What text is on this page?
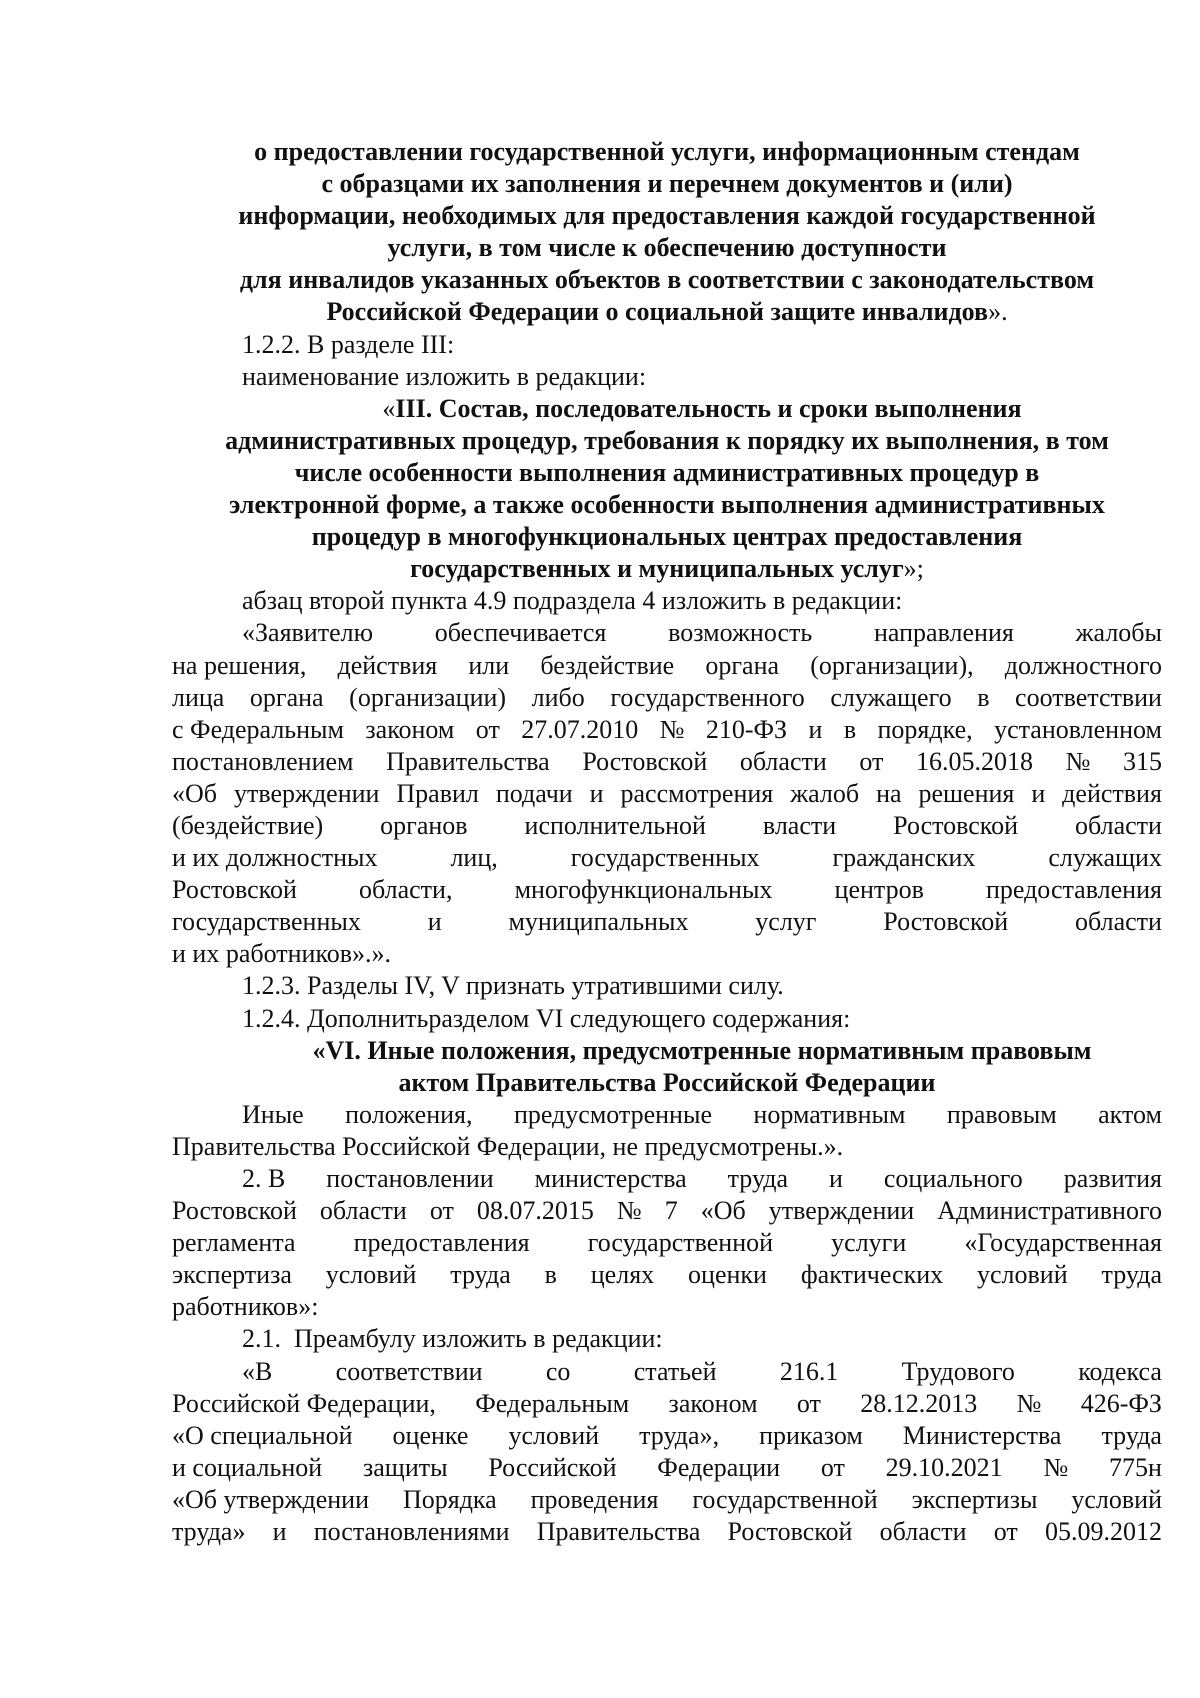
о предоставлении государственной услуги, информационным стендам
с образцами их заполнения и перечнем документов и (или)
информации, необходимых для предоставления каждой государственной
услуги, в том числе к обеспечению доступности
для инвалидов указанных объектов в соответствии с законодательством
Российской Федерации о социальной защите инвалидов».
1.2.2. В разделе III:
наименование изложить в редакции:
«III. Состав, последовательность и сроки выполнения
административных процедур, требования к порядку их выполнения, в том
числе особенности выполнения административных процедур в
электронной форме, а также особенности выполнения административных
процедур в многофункциональных центрах предоставления
государственных и муниципальных услуг»;
абзац второй пункта 4.9 подраздела 4 изложить в редакции:
«Заявителю обеспечивается возможность направления жалобы
на решения, действия или бездействие органа (организации), должностного
лица органа (организации) либо государственного служащего в соответствии
с Федеральным законом от 27.07.2010 № 210-ФЗ и в порядке, установленном
постановлением Правительства Ростовской области от 16.05.2018 № 315
«Об утверждении Правил подачи и рассмотрения жалоб на решения и действия
(бездействие) органов исполнительной власти Ростовской области
и их должностных	лиц,	государственных	гражданских	служащих
Ростовской области, многофункциональных центров предоставления
государственных	и	муниципальных	услуг	Ростовской	области
и их работников».».
1.2.3. Разделы IV, V признать утратившими силу.
1.2.4. Дополнитьразделом VI следующего содержания:
«VI. Иные положения, предусмотренные нормативным правовым
актом Правительства Российской Федерации
Иные положения, предусмотренные нормативным правовым актом
Правительства Российской Федерации, не предусмотрены.».
2. В постановлении министерства труда и социального развития
Ростовской области от 08.07.2015 № 7 «Об утверждении Административного
регламента предоставления государственной услуги «Государственная
экспертиза условий труда в целях оценки фактических условий труда
работников»:
2.1.  Преамбулу изложить в редакции:
«В соответствии со статьей 216.1 Трудового кодекса
Российской Федерации, Федеральным законом от 28.12.2013 № 426-ФЗ
«О специальной оценке условий труда», приказом Министерства труда
и социальной защиты Российской Федерации от 29.10.2021 № 775н
«Об утверждении Порядка проведения государственной экспертизы условий
труда» и постановлениями Правительства Ростовской области от 05.09.2012
